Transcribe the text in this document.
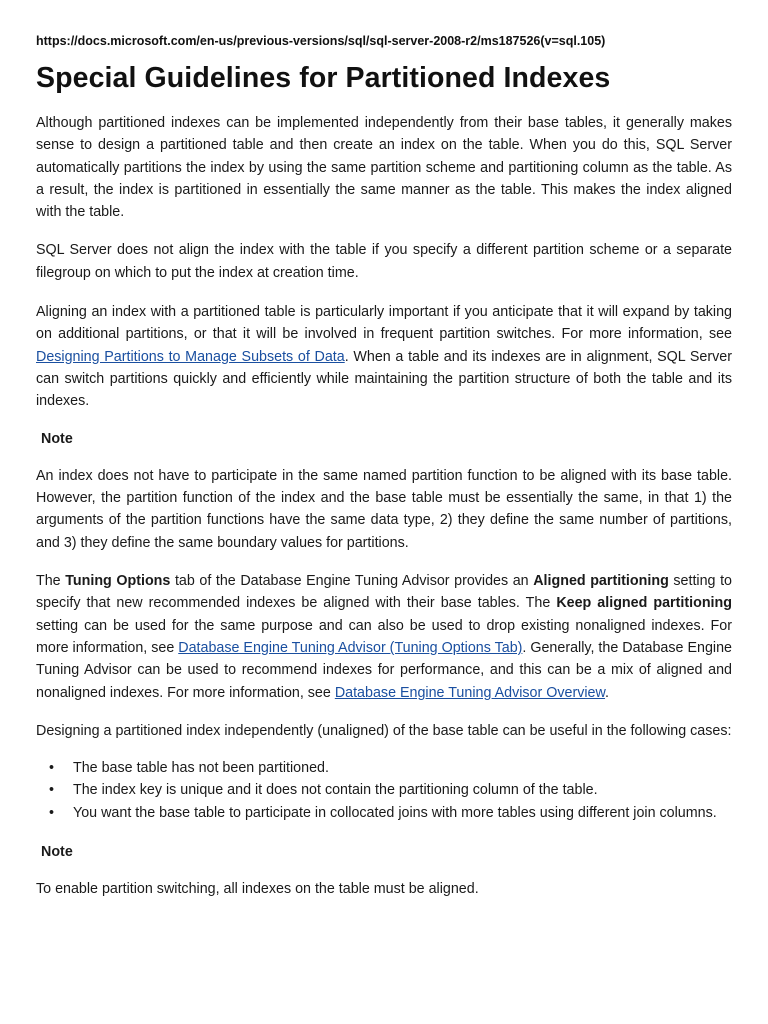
https://docs.microsoft.com/en-us/previous-versions/sql/sql-server-2008-r2/ms187526(v=sql.105)
Special Guidelines for Partitioned Indexes

Although partitioned indexes can be implemented independently from their base tables, it generally makes sense to design a partitioned table and then create an index on the table. When you do this, SQL Server automatically partitions the index by using the same partition scheme and partitioning column as the table. As a result, the index is partitioned in essentially the same manner as the table. This makes the index aligned with the table.

SQL Server does not align the index with the table if you specify a different partition scheme or a separate filegroup on which to put the index at creation time.

Aligning an index with a partitioned table is particularly important if you anticipate that it will expand by taking on additional partitions, or that it will be involved in frequent partition switches. For more information, see Designing Partitions to Manage Subsets of Data. When a table and its indexes are in alignment, SQL Server can switch partitions quickly and efficiently while maintaining the partition structure of both the table and its indexes.

Note

An index does not have to participate in the same named partition function to be aligned with its base table. However, the partition function of the index and the base table must be essentially the same, in that 1) the arguments of the partition functions have the same data type, 2) they define the same number of partitions, and 3) they define the same boundary values for partitions.

The Tuning Options tab of the Database Engine Tuning Advisor provides an Aligned partitioning setting to specify that new recommended indexes be aligned with their base tables. The Keep aligned partitioning setting can be used for the same purpose and can also be used to drop existing nonaligned indexes. For more information, see Database Engine Tuning Advisor (Tuning Options Tab). Generally, the Database Engine Tuning Advisor can be used to recommend indexes for performance, and this can be a mix of aligned and nonaligned indexes. For more information, see Database Engine Tuning Advisor Overview.

Designing a partitioned index independently (unaligned) of the base table can be useful in the following cases:

• The base table has not been partitioned.
• The index key is unique and it does not contain the partitioning column of the table.
• You want the base table to participate in collocated joins with more tables using different join columns.

Note

To enable partition switching, all indexes on the table must be aligned.
